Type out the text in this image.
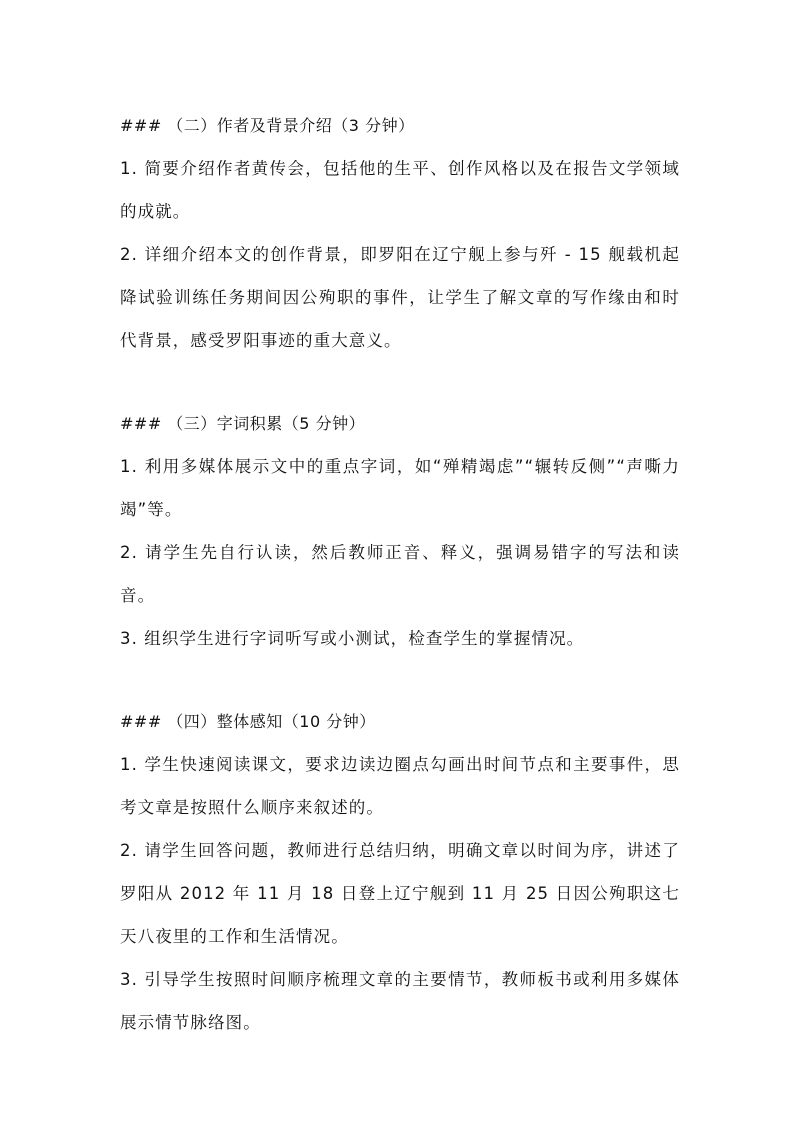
### （二）作者及背景介绍（3 分钟）

1. 简要介绍作者黄传会，包括他的生平、创作风格以及在报告文学领域的成就。

2. 详细介绍本文的创作背景，即罗阳在辽宁舰上参与歼 - 15 舰载机起降试验训练任务期间因公殉职的事件，让学生了解文章的写作缘由和时代背景，感受罗阳事迹的重大意义。

### （三）字词积累（5 分钟）

1. 利用多媒体展示文中的重点字词，如“殚精竭虑”“辗转反侧”“声嘶力竭”等。

2. 请学生先自行认读，然后教师正音、释义，强调易错字的写法和读音。

3. 组织学生进行字词听写或小测试，检查学生的掌握情况。

### （四）整体感知（10 分钟）

1. 学生快速阅读课文，要求边读边圈点勾画出时间节点和主要事件，思考文章是按照什么顺序来叙述的。

2. 请学生回答问题，教师进行总结归纳，明确文章以时间为序，讲述了罗阳从 2012 年 11 月 18 日登上辽宁舰到 11 月 25 日因公殉职这七天八夜里的工作和生活情况。

3. 引导学生按照时间顺序梳理文章的主要情节，教师板书或利用多媒体展示情节脉络图。
